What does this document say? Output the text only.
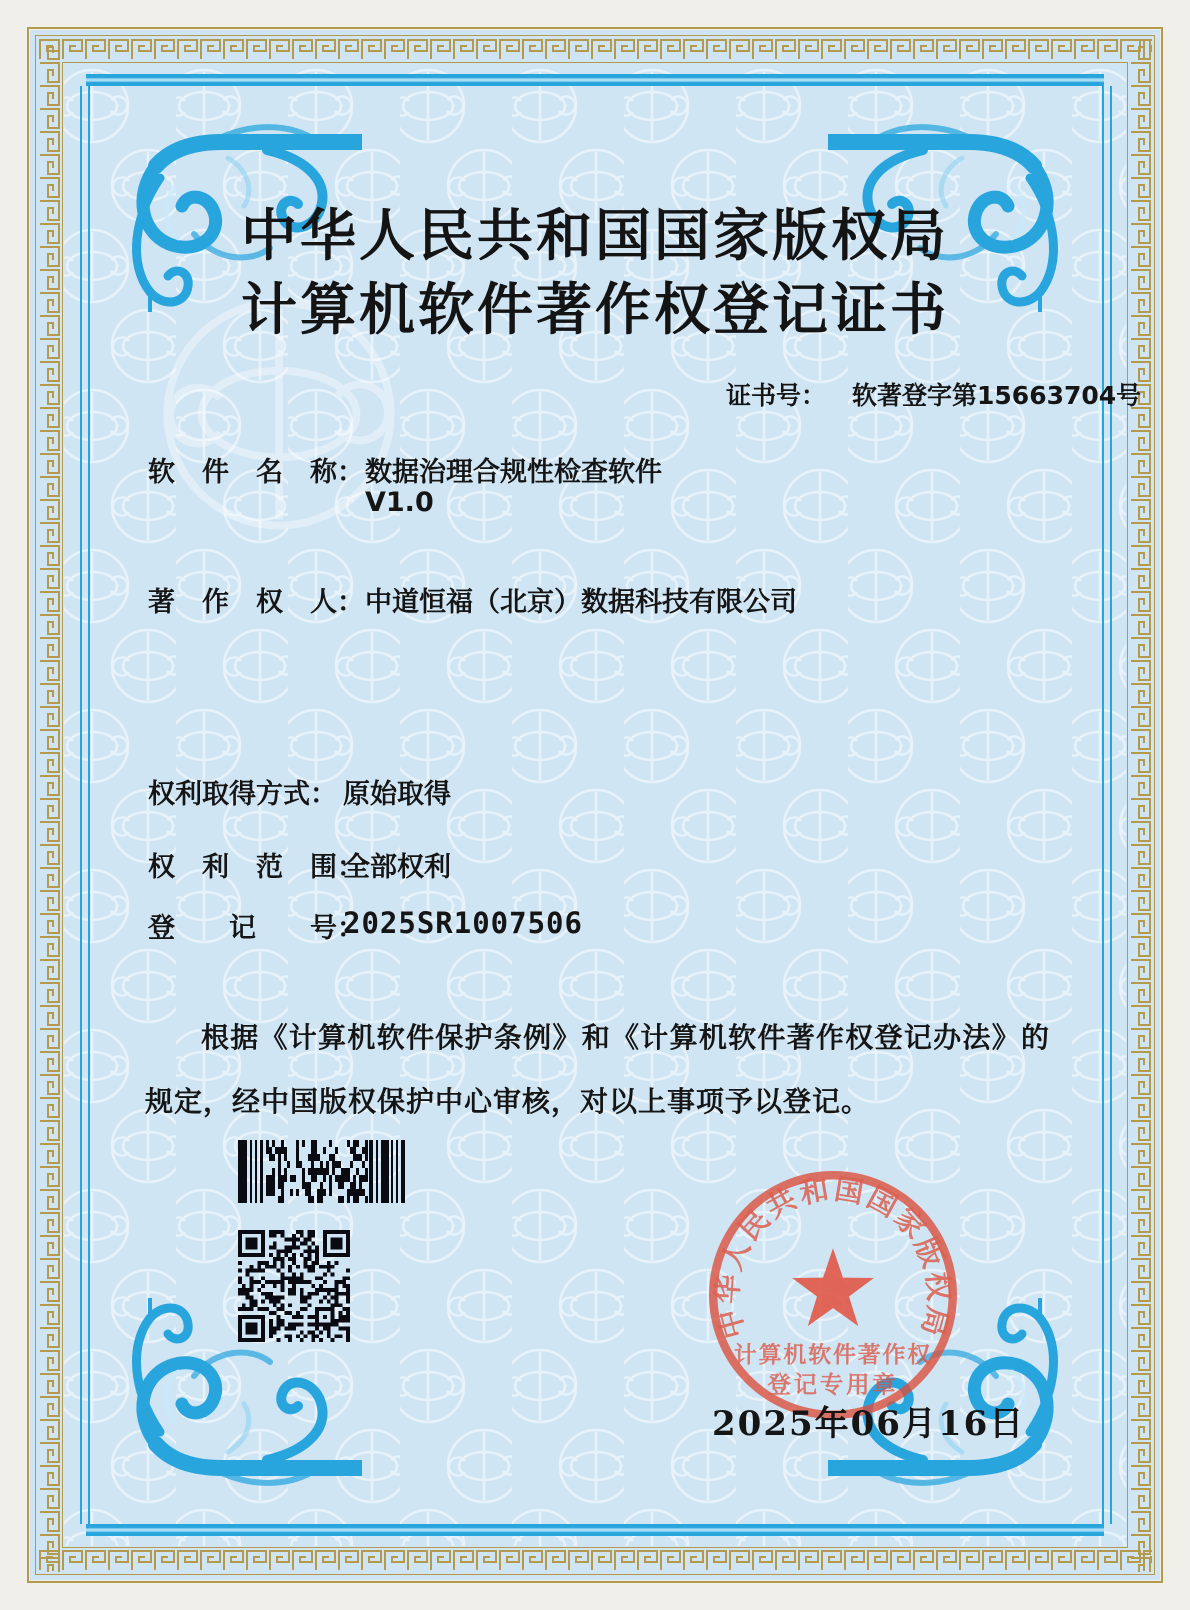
中华人民共和国国家版权局
计算机软件著作权登记证书
证书号： 软著登字第15663704号
软　件　名　称： 数据治理合规性检查软件
V1.0
著　作　权　人： 中道恒福（北京）数据科技有限公司
权利取得方式： 原始取得
权　利　范　围：
全部权利
登　　记　　号：
2025SR1007506

根据《计算机软件保护条例》和《计算机软件著作权登记办法》的规定，经中国版权保护中心审核，对以上事项予以登记。

中华人民共和国国家版权局
计算机软件著作权
登记专用章
2025年06月16日
